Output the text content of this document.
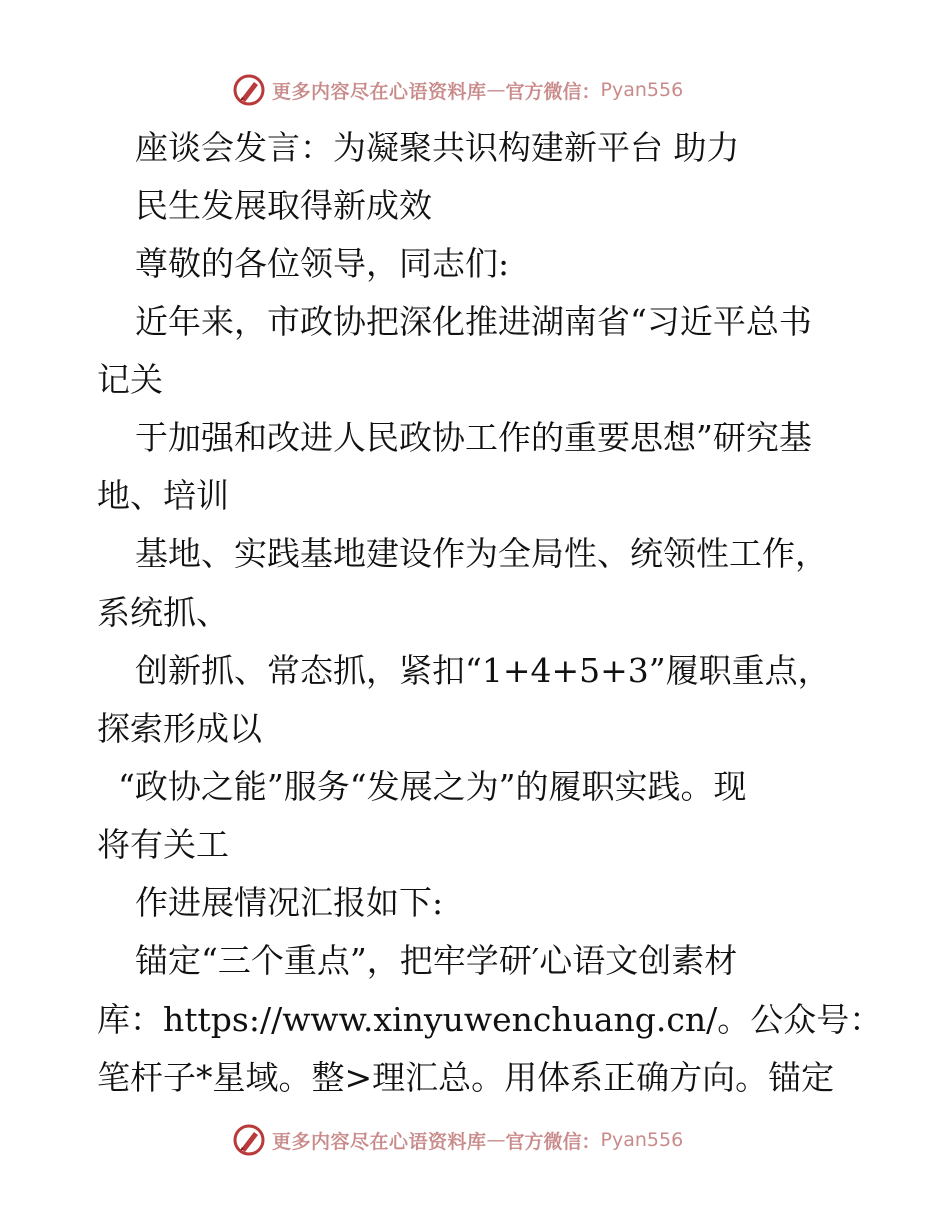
更多内容尽在心语资料库 — 官方微信： Pyan556
座谈会发言：为凝聚共识构建新平台 助力
民生发展取得新成效
尊敬的各位领导，同志们:
近年来，市政协把深化推进湖南省“习近平总书
记关
于加强和改进人民政协工作的重要思想”研究基
地、培训
基地、实践基地建设作为全局性、统领性工作，
系统抓、
创新抓、常态抓，紧扣“1+4+5+3”履职重点，
探索形成以
“政协之能”服务“发展之为”的履职实践。现
将有关工
作进展情况汇报如下:
锚定“三个重点”，把牢学研′心语文创素材
库：https://www.xinyuwenchuang.cn/。公众号：
笔杆子*星域。整>理汇总。用体系正确方向。锚定
更多内容尽在心语资料库 — 官方微信： Pyan556
